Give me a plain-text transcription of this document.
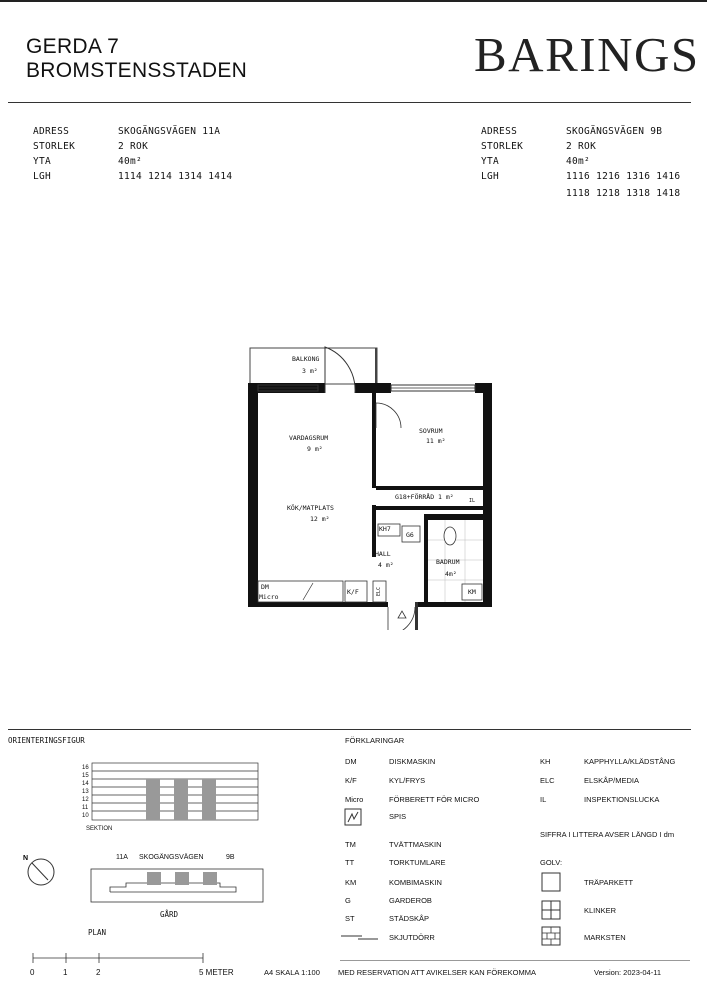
GERDA 7
BROMSTENSSTADEN	BARINGS
ADRESS	SKOGÄNGSVÄGEN 11A
STORLEK	2 ROK
YTA	40m²
LGH	1114 1214 1314 1414
ADRESS	SKOGÄNGSVÄGEN 9B
STORLEK	2 ROK
YTA	40m²
LGH	1116 1216 1316 1416
1118 1218 1318 1418
BALKONG
3 m²
VARDAGSRUM
9 m²
SOVRUM
11 m²
KÖK/MATPLATS
12 m²
G18+FÖRRÅD 1 m²
KH7
G6
HALL
4 m²	BADRUM
4m²
K/F	KM
DM
Micro
IL
ELC
ORIENTERINGSFIGUR
16
15
14
13
12
11
10
SEKTION
N	11A SKOGÄNGSVÄGEN	9B
GÅRD
PLAN
FÖRKLARINGAR
DM	DISKMASKIN
K/F	KYL/FRYS
Micro	FÖRBERETT FÖR MICRO
SPIS
TM	TVÄTTMASKIN
TT	TORKTUMLARE
KM	KOMBIMASKIN
G	GARDEROB
ST	STÄDSKÅP
SKJUTDÖRR
KH	KAPPHYLLA/KLÄDSTÅNG
ELC	ELSKÅP/MEDIA
IL	INSPEKTIONSLUCKA
SIFFRA I LITTERA AVSER LÄNGD I dm
GOLV:
TRÄPARKETT
KLINKER
MARKSTEN
0	1	2	5 METER	A4 SKALA 1:100 MED RESERVATION ATT AVIKELSER KAN FÖREKOMMA	Version: 2023-04-11
